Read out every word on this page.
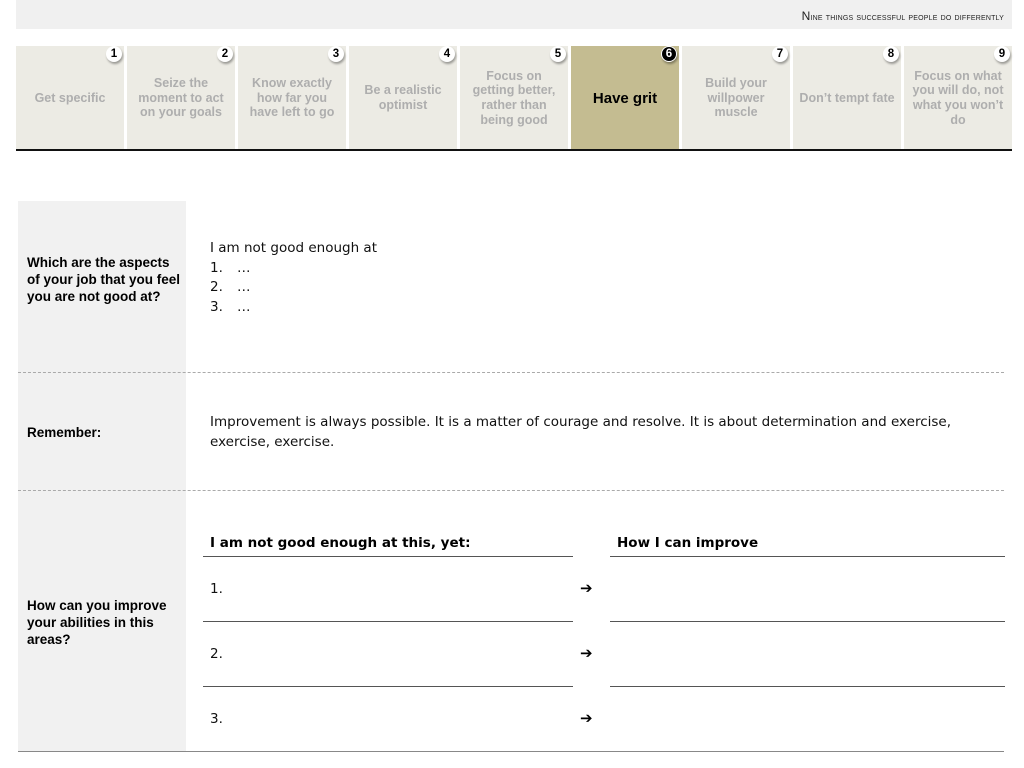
Nine things successful people do differently
1
Get specific
2
Seize the moment to act on your goals
3
Know exactly how far you have left to go
4
Be a realistic optimist
5
Focus on getting better, rather than being good
6
Have grit
7
Build your willpower muscle
8
Don’t tempt fate
9
Focus on what you will do, not what you won’t do
Which are the aspects of your job that you feel you are not good at?
I am not good enough at
1.	…
2.	…
3.	…
Remember:
Improvement is always possible. It is a matter of courage and resolve. It is about determination and exercise, exercise, exercise.
How can you improve your abilities in this areas?
I am not good enough at this, yet:	How I can improve
1.	➔
2.	➔
3.	➔
